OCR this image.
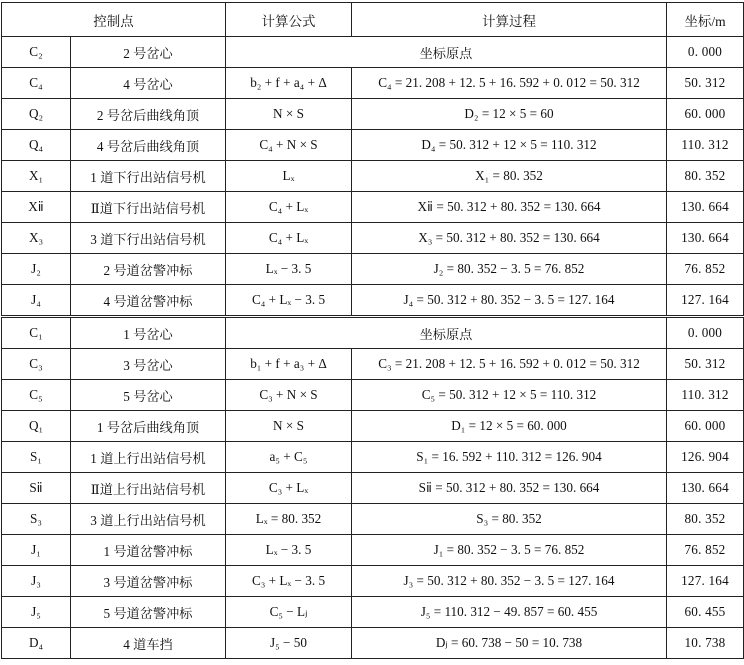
控制点		计算公式	计算过程	坐标/m
C₂	2 号岔心	坐标原点		0. 000
C₄	4 号岔心	b₂ + f + a₄ + Δ	C₄ = 21. 208 + 12. 5 + 16. 592 + 0. 012 = 50. 312	50. 312
Q₂	2 号岔后曲线角顶	N × S	D₂ = 12 × 5 = 60	60. 000
Q₄	4 号岔后曲线角顶	C₄ + N × S	D₄ = 50. 312 + 12 × 5 = 110. 312	110. 312
X₁	1 道下行出站信号机	Lₓ	X₁ = 80. 352	80. 352
Xⅱ	Ⅱ道下行出站信号机	C₄ + Lₓ	Xⅱ = 50. 312 + 80. 352 = 130. 664	130. 664
X₃	3 道下行出站信号机	C₄ + Lₓ	X₃ = 50. 312 + 80. 352 = 130. 664	130. 664
J₂	2 号道岔警冲标	Lₓ − 3. 5	J₂ = 80. 352 − 3. 5 = 76. 852	76. 852
J₄	4 号道岔警冲标	C₄ + Lₓ − 3. 5	J₄ = 50. 312 + 80. 352 − 3. 5 = 127. 164	127. 164
C₁	1 号岔心	坐标原点		0. 000
C₃	3 号岔心	b₁ + f + a₃ + Δ	C₃ = 21. 208 + 12. 5 + 16. 592 + 0. 012 = 50. 312	50. 312
C₅	5 号岔心	C₃ + N × S	C₅ = 50. 312 + 12 × 5 = 110. 312	110. 312
Q₁	1 号岔后曲线角顶	N × S	D₁ = 12 × 5 = 60. 000	60. 000
S₁	1 道上行出站信号机	a₅ + C₅	S₁ = 16. 592 + 110. 312 = 126. 904	126. 904
Sⅱ	Ⅱ道上行出站信号机	C₃ + Lₓ	Sⅱ = 50. 312 + 80. 352 = 130. 664	130. 664
S₃	3 道上行出站信号机	Lₓ = 80. 352	S₃ = 80. 352	80. 352
J₁	1 号道岔警冲标	Lₓ − 3. 5	J₁ = 80. 352 − 3. 5 = 76. 852	76. 852
J₃	3 号道岔警冲标	C₃ + Lₓ − 3. 5	J₃ = 50. 312 + 80. 352 − 3. 5 = 127. 164	127. 164
J₅	5 号道岔警冲标	C₅ − Lⱼ	J₅ = 110. 312 − 49. 857 = 60. 455	60. 455
D₄	4 道车挡	J₅ − 50	Dⱼ = 60. 738 − 50 = 10. 738	10. 738
